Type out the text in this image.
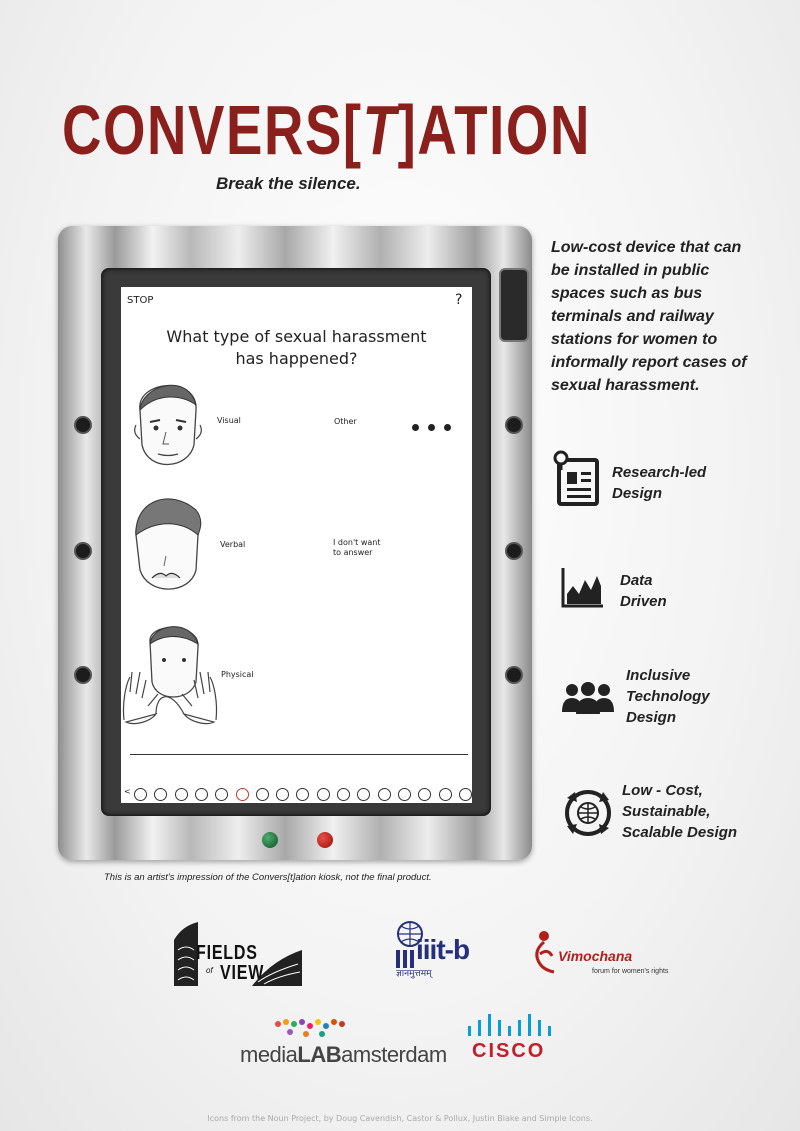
CONVERS[T]ATION
Break the silence.
STOP	?
What type of sexual harassment
has happened?
Visual	Other
Verbal	I don't want
to answer
Physical
<
Low-cost device that can
be installed in public
spaces such as bus
terminals and railway
stations for women to
informally report cases of
sexual harassment.
Research-led
Design
Data
Driven
Inclusive
Technology
Design
Low - Cost,
Sustainable,
Scalable Design
This is an artist's impression of the Convers[t]ation kiosk, not the final product.
FIELDS
of VIEW
iiit-b
ज्ञानमुत्तमम्
Vimochana
forum for women's rights
mediaLABamsterdam CISCO
Icons from the Noun Project, by Doug Cavendish, Castor & Pollux, Justin Blake and Simple Icons.
